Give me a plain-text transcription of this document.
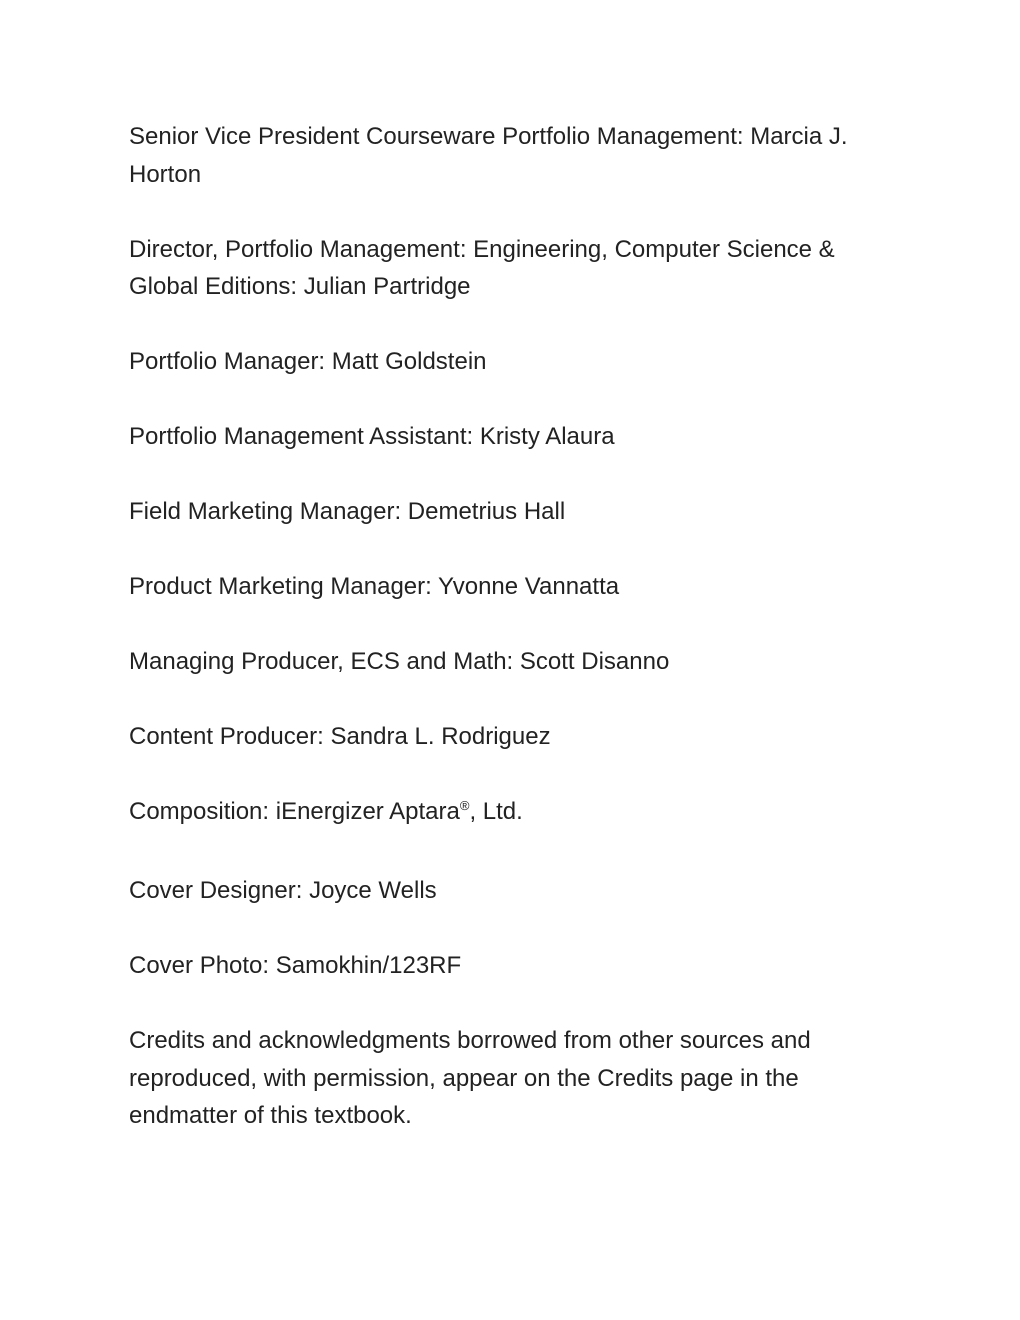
Senior Vice President Courseware Portfolio Management: Marcia J. Horton

Director, Portfolio Management: Engineering, Computer Science & Global Editions: Julian Partridge

Portfolio Manager: Matt Goldstein

Portfolio Management Assistant: Kristy Alaura

Field Marketing Manager: Demetrius Hall

Product Marketing Manager: Yvonne Vannatta

Managing Producer, ECS and Math: Scott Disanno

Content Producer: Sandra L. Rodriguez

Composition: iEnergizer Aptara®, Ltd.

Cover Designer: Joyce Wells

Cover Photo: Samokhin/123RF

Credits and acknowledgments borrowed from other sources and reproduced, with permission, appear on the Credits page in the endmatter of this textbook.
